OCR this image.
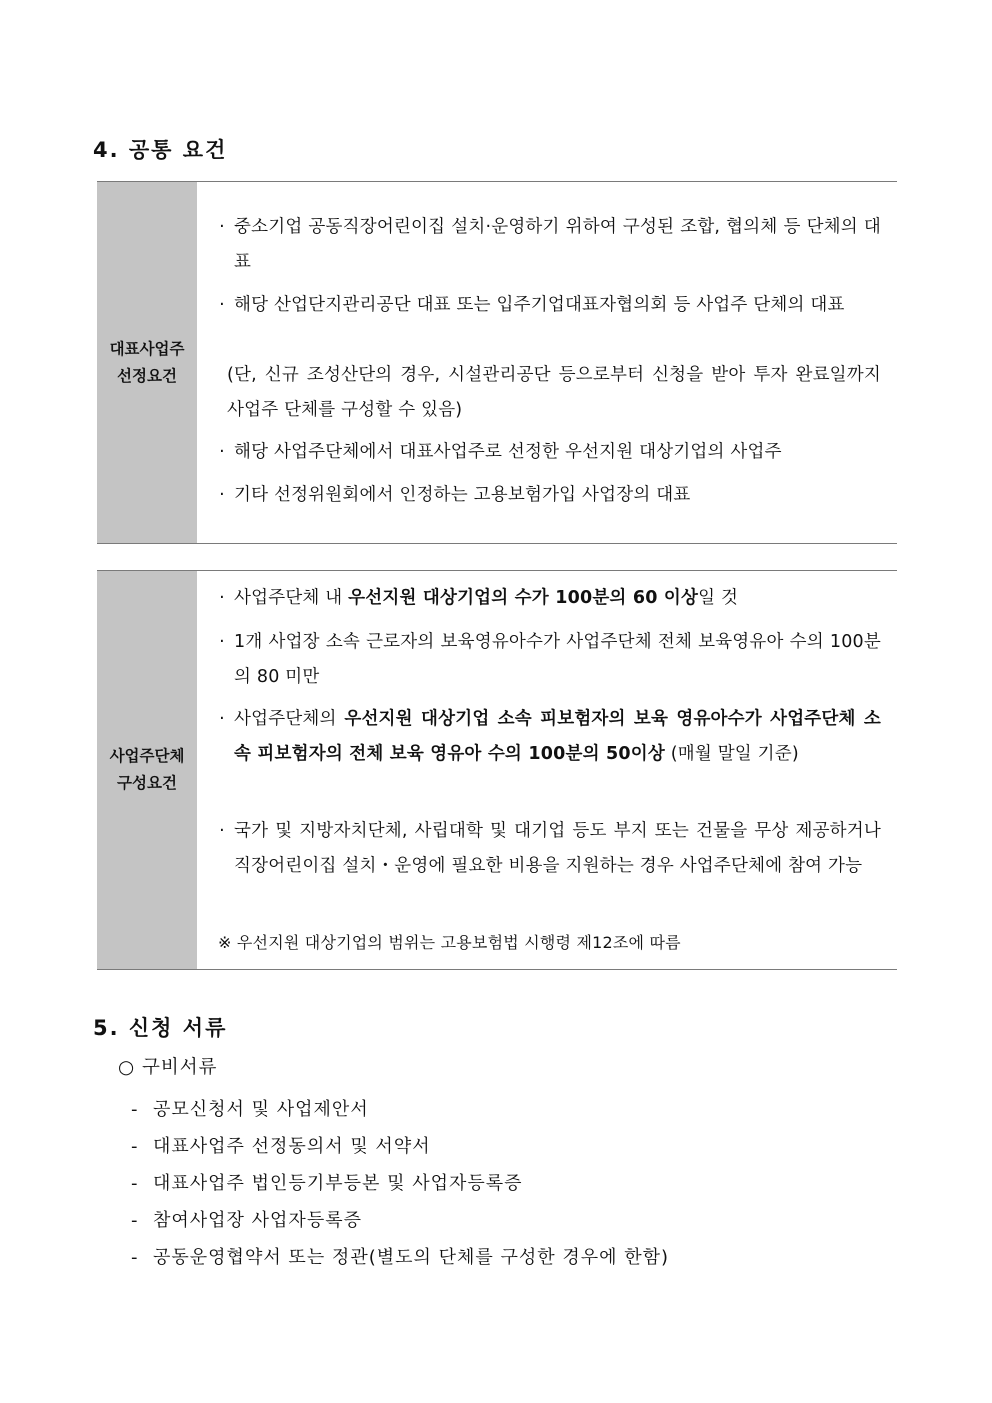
4. 공통 요건
대표사업주
선정요건

· 중소기업 공동직장어린이집 설치·운영하기 위하여 구성된 조합, 협의체 등 단체의 대표

· 해당 산업단지관리공단 대표 또는 입주기업대표자협의회 등 사업주 단체의 대표

(단, 신규 조성산단의 경우, 시설관리공단 등으로부터 신청을 받아 투자 완료일까지 사업주 단체를 구성할 수 있음)

· 해당 사업주단체에서 대표사업주로 선정한 우선지원 대상기업의 사업주

· 기타 선정위원회에서 인정하는 고용보험가입 사업장의 대표

사업주단체
구성요건

· 사업주단체 내 우선지원 대상기업의 수가 100분의 60 이상일 것

· 1개 사업장 소속 근로자의 보육영유아수가 사업주단체 전체 보육영유아 수의 100분의 80 미만

· 사업주단체의 우선지원 대상기업 소속 피보험자의 보육 영유아수가 사업주단체 소속 피보험자의 전체 보육 영유아 수의 100분의 50이상 (매월 말일 기준)

· 국가 및 지방자치단체, 사립대학 및 대기업 등도 부지 또는 건물을 무상 제공하거나 직장어린이집 설치・운영에 필요한 비용을 지원하는 경우 사업주단체에 참여 가능

※ 우선지원 대상기업의 범위는 고용보험법 시행령 제12조에 따름
5. 신청 서류
○ 구비서류
- 공모신청서 및 사업제안서
- 대표사업주 선정동의서 및 서약서
- 대표사업주 법인등기부등본 및 사업자등록증
- 참여사업장 사업자등록증
- 공동운영협약서 또는 정관(별도의 단체를 구성한 경우에 한함)
